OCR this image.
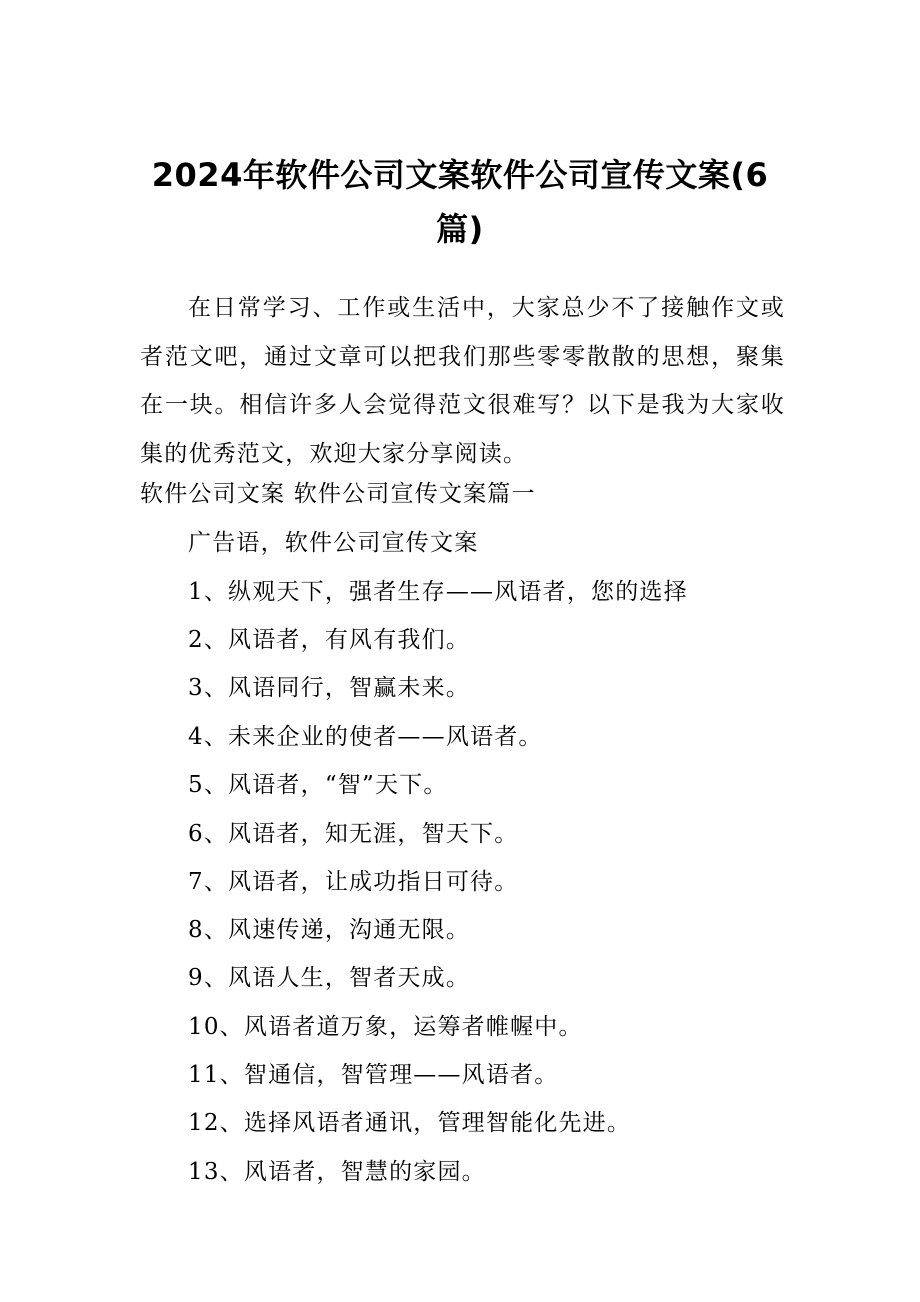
2024年软件公司文案软件公司宣传文案(6篇)
在日常学习、工作或生活中，大家总少不了接触作文或者范文吧，通过文章可以把我们那些零零散散的思想，聚集在一块。相信许多人会觉得范文很难写？以下是我为大家收集的优秀范文，欢迎大家分享阅读。
软件公司文案 软件公司宣传文案篇一
广告语，软件公司宣传文案
1、纵观天下，强者生存——风语者，您的选择
2、风语者，有风有我们。
3、风语同行，智赢未来。
4、未来企业的使者——风语者。
5、风语者，“智”天下。
6、风语者，知无涯，智天下。
7、风语者，让成功指日可待。
8、风速传递，沟通无限。
9、风语人生，智者天成。
10、风语者道万象，运筹者帷幄中。
11、智通信，智管理——风语者。
12、选择风语者通讯，管理智能化先进。
13、风语者，智慧的家园。
